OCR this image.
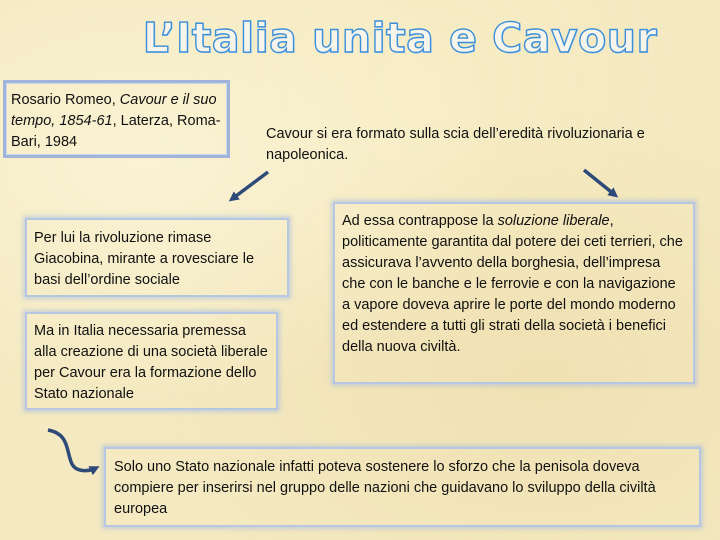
L’Italia unita e Cavour
Rosario Romeo, Cavour e il suo tempo, 1854-61, Laterza, Roma-Bari, 1984	Cavour si era formato sulla scia dell’eredità rivoluzionaria e napoleonica.
Per lui la rivoluzione rimase Giacobina, mirante a rovesciare le basi dell’ordine sociale
Ma in Italia necessaria premessa alla creazione di una società liberale per Cavour era la formazione dello Stato nazionale
Ad essa contrappose la soluzione liberale, politicamente garantita dal potere dei ceti terrieri, che assicurava l’avvento della borghesia, dell’impresa che con le banche e le ferrovie e con la navigazione a vapore doveva aprire le porte del mondo moderno ed estendere a tutti gli strati della società i benefici della nuova civiltà.
Solo uno Stato nazionale infatti poteva sostenere lo sforzo che la penisola doveva compiere per inserirsi nel gruppo delle nazioni che guidavano lo sviluppo della civiltà europea
